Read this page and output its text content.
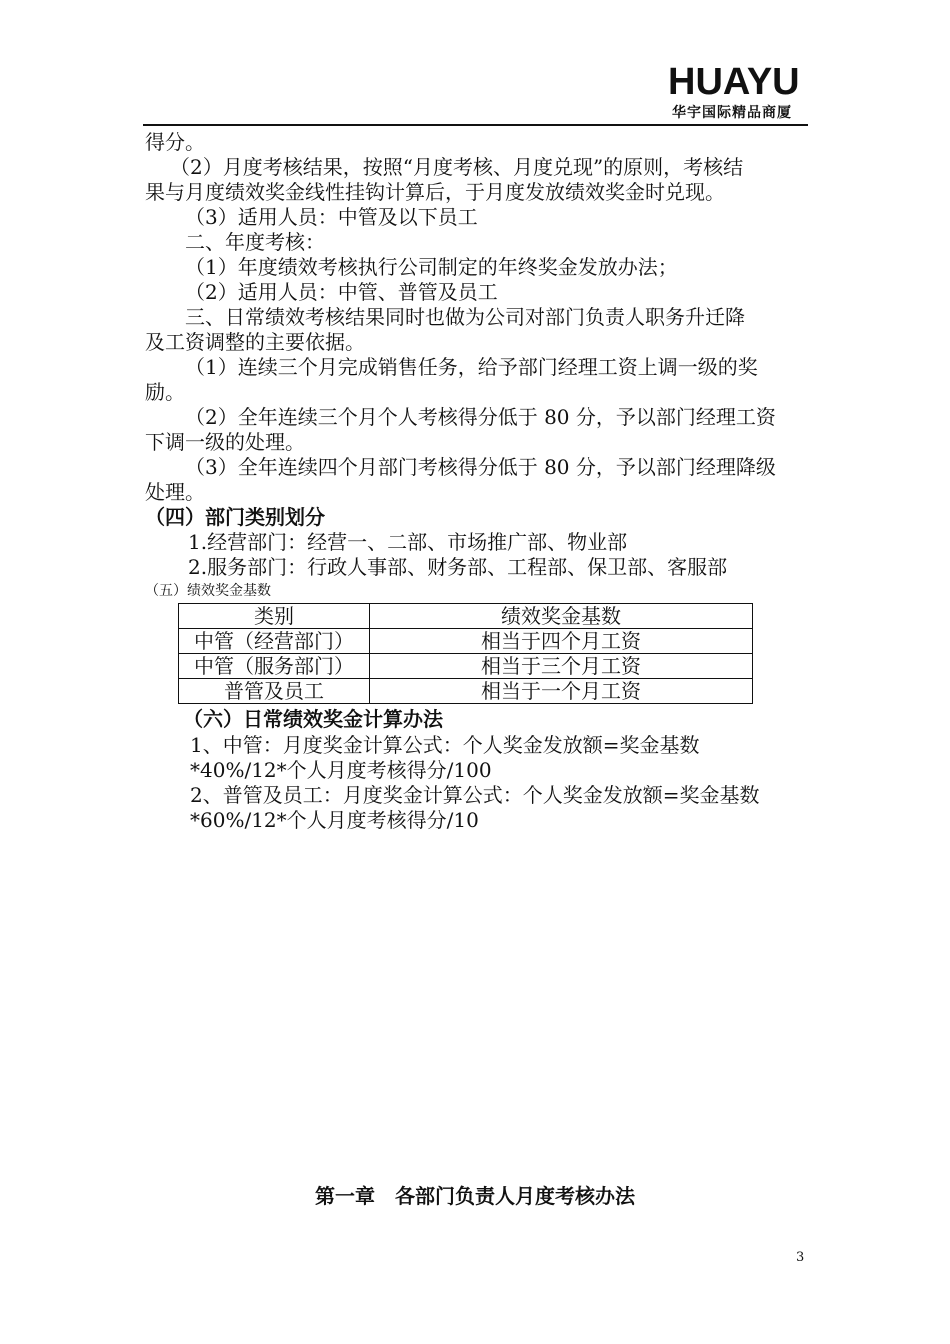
HUAYU
华宇国际精品商厦
得分。
（2）月度考核结果，按照“月度考核、月度兑现”的原则，考核结
果与月度绩效奖金线性挂钩计算后，于月度发放绩效奖金时兑现。
（3）适用人员：中管及以下员工
二、年度考核：
（1）年度绩效考核执行公司制定的年终奖金发放办法；
（2）适用人员：中管、普管及员工
三、日常绩效考核结果同时也做为公司对部门负责人职务升迁降
及工资调整的主要依据。
（1）连续三个月完成销售任务，给予部门经理工资上调一级的奖
励。
（2）全年连续三个月个人考核得分低于 80 分，予以部门经理工资
下调一级的处理。
（3）全年连续四个月部门考核得分低于 80 分，予以部门经理降级
处理。
（四）部门类别划分
1.经营部门：经营一、二部、市场推广部、物业部
2.服务部门：行政人事部、财务部、工程部、保卫部、客服部
（五）绩效奖金基数
类别	绩效奖金基数
中管（经营部门）	相当于四个月工资
中管（服务部门）	相当于三个月工资
普管及员工	相当于一个月工资
（六）日常绩效奖金计算办法
1、中管：月度奖金计算公式：个人奖金发放额=奖金基数
*40%/12*个人月度考核得分/100
2、普管及员工：月度奖金计算公式：个人奖金发放额=奖金基数
*60%/12*个人月度考核得分/10
第一章　各部门负责人月度考核办法
3
